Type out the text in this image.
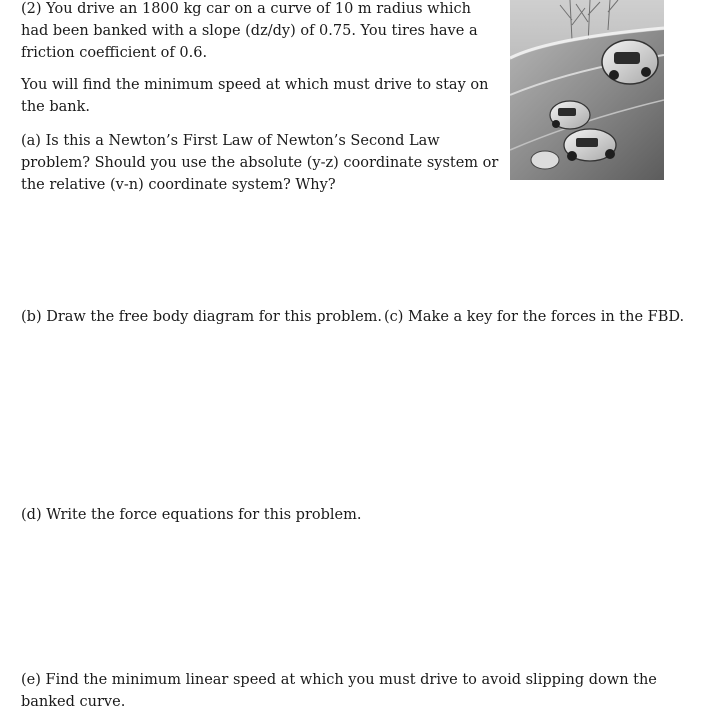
(2) You drive an 1800 kg car on a curve of 10 m radius which had been banked with a slope (dz/dy) of 0.75. You tires have a friction coefficient of 0.6.

You will find the minimum speed at which must drive to stay on the bank.

(a) Is this a Newton’s First Law of Newton’s Second Law problem? Should you use the absolute (y-z) coordinate system or the relative (v-n) coordinate system? Why?

(b) Draw the free body diagram for this problem. (c) Make a key for the forces in the FBD.

(d) Write the force equations for this problem.

(e) Find the minimum linear speed at which you must drive to avoid slipping down the banked curve.
